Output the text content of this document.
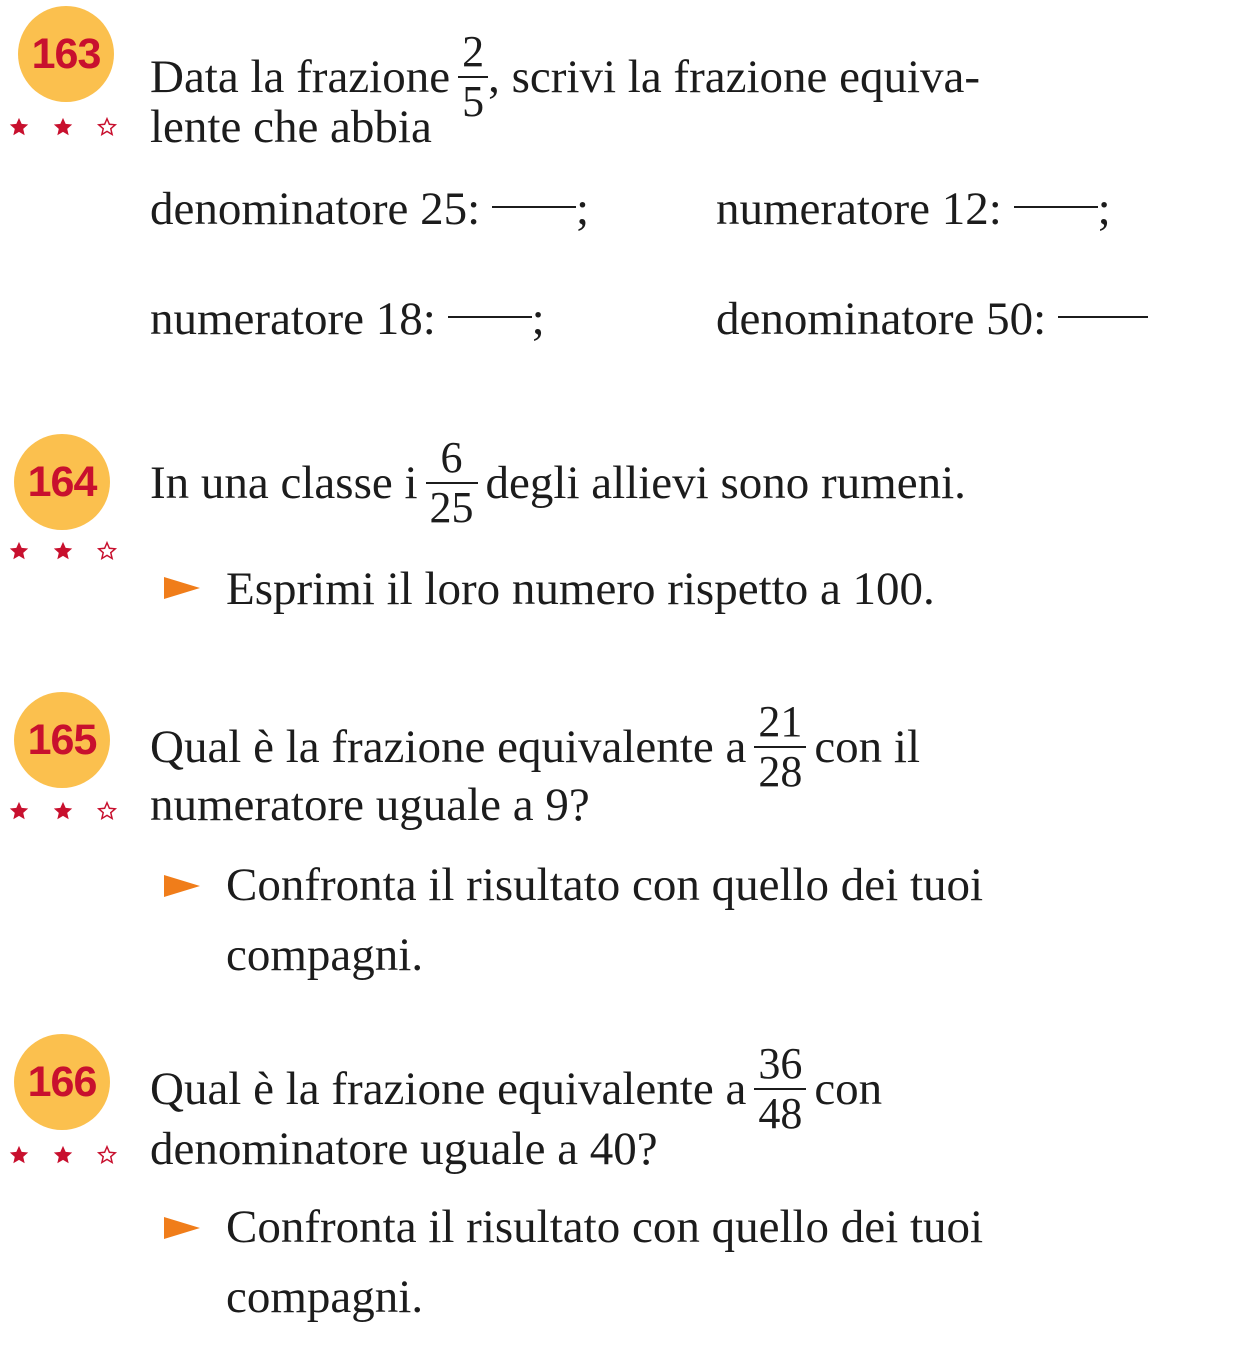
163 Data la frazione $\frac{2}{5}$ , scrivi la frazione equiva-
lente che abbia
denominatore 25: ;	numeratore 12: ;
numeratore 18: ;	denominatore 50:
164 In una classe i $\frac{6}{25}$ degli allievi sono rumeni.
Esprimi il loro numero rispetto a 100.
165 Qual è la frazione equivalente a $\frac{21}{28}$ con il
numeratore uguale a 9?
Confronta il risultato con quello dei tuoi
compagni.
166 Qual è la frazione equivalente a $\frac{36}{48}$ con
denominatore uguale a 40?
Confronta il risultato con quello dei tuoi
compagni.
